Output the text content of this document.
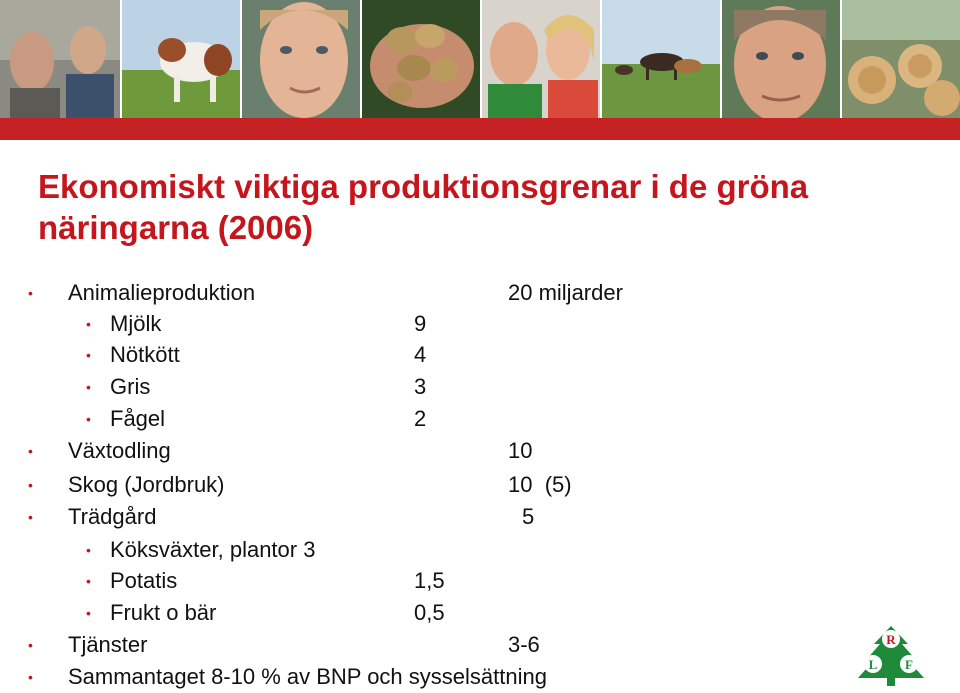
Ekonomiskt viktiga produktionsgrenar i de gröna
näringarna (2006)
• Animalieproduktion	20 miljarder
• Mjölk	9
• Nötkött	4
• Gris	3
• Fågel	2
• Växtodling	10
• Skog (Jordbruk)	10  (5)
• Trädgård	5
• Köksväxter, plantor 3
• Potatis	1,5
• Frukt o bär	0,5
• Tjänster	3-6
• Sammantaget 8-10 % av BNP och sysselsättning
R
L F
